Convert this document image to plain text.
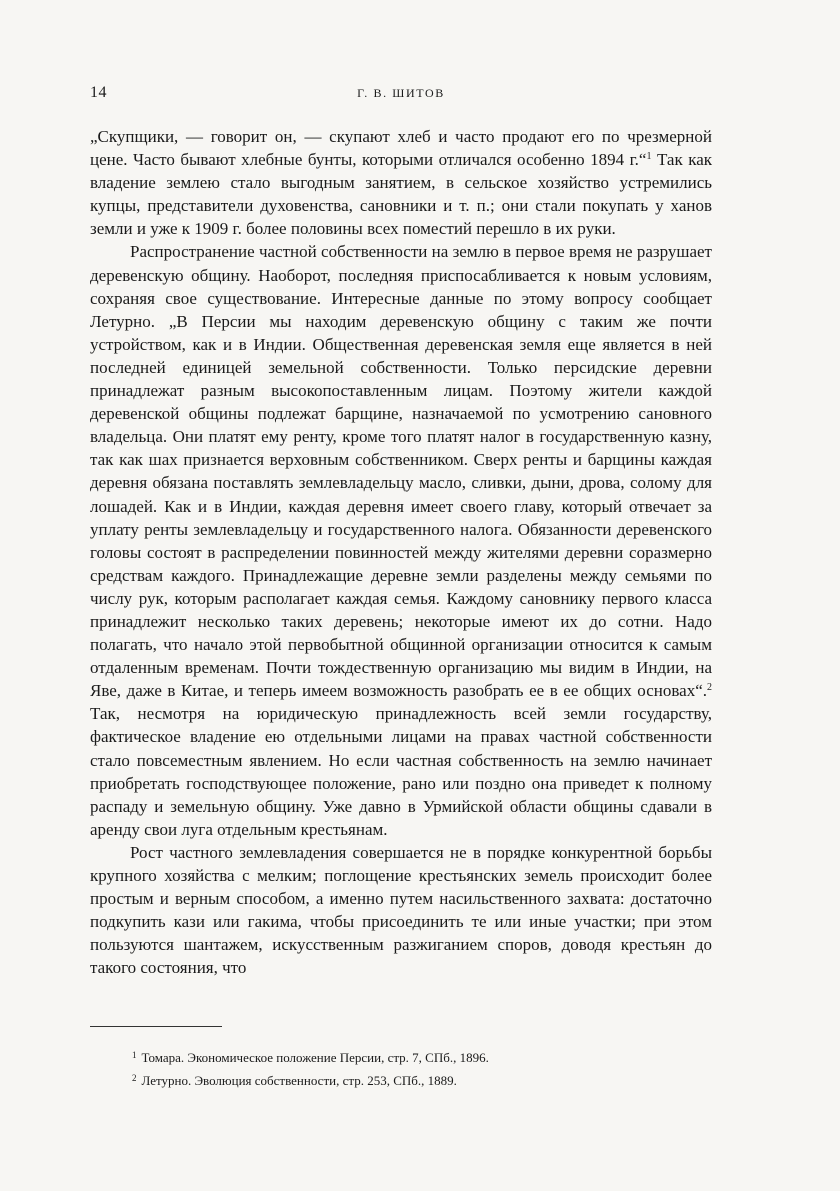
14	Г. В. ШИТОВ

„Скупщики, — говорит он, — скупают хлеб и часто продают его по чрезмерной цене. Часто бывают хлебные бунты, которыми отличался особенно 1894 г.“$^1$ Так как владение землею стало выгодным занятием, в сельское хозяйство устремились купцы, представители духовенства, сановники и т. п.; они стали покупать у ханов земли и уже к 1909 г. более половины всех поместий перешло в их руки.

Распространение частной собственности на землю в первое время не разрушает деревенскую общину. Наоборот, последняя приспосабливается к новым условиям, сохраняя свое существование. Интересные данные по этому вопросу сообщает Летурно. „В Персии мы находим деревенскую общину с таким же почти устройством, как и в Индии. Общественная деревенская земля еще является в ней последней единицей земельной собственности. Только персидские деревни принадлежат разным высокопоставленным лицам. Поэтому жители каждой деревенской общины подлежат барщине, назначаемой по усмотрению сановного владельца. Они платят ему ренту, кроме того платят налог в государственную казну, так как шах признается верховным собственником. Сверх ренты и барщины каждая деревня обязана поставлять землевладельцу масло, сливки, дыни, дрова, солому для лошадей. Как и в Индии, каждая деревня имеет своего главу, который отвечает за уплату ренты землевладельцу и государственного налога. Обязанности деревенского головы состоят в распределении повинностей между жителями деревни соразмерно средствам каждого. Принадлежащие деревне земли разделены между семьями по числу рук, которым располагает каждая семья. Каждому сановнику первого класса принадлежит несколько таких деревень; некоторые имеют их до сотни. Надо полагать, что начало этой первобытной общинной организации относится к самым отдаленным временам. Почти тождественную организацию мы видим в Индии, на Яве, даже в Китае, и теперь имеем возможность разобрать ее в ее общих основах“.$^2$ Так, несмотря на юридическую принадлежность всей земли государству, фактическое владение ею отдельными лицами на правах частной собственности стало повсеместным явлением. Но если частная собственность на землю начинает приобретать господствующее положение, рано или поздно она приведет к полному распаду и земельную общину. Уже давно в Урмийской области общины сдавали в аренду свои луга отдельным крестьянам.

Рост частного землевладения совершается не в порядке конкурентной борьбы крупного хозяйства с мелким; поглощение крестьянских земель происходит более простым и верным способом, а именно путем насильственного захвата: достаточно подкупить кази или гакима, чтобы присоединить те или иные участки; при этом пользуются шантажем, искусственным разжиганием споров, доводя крестьян до такого состояния, что

$^1$ Томара. Экономическое положение Персии, стр. 7, СПб., 1896.

$^2$ Летурно. Эволюция собственности, стр. 253, СПб., 1889.
